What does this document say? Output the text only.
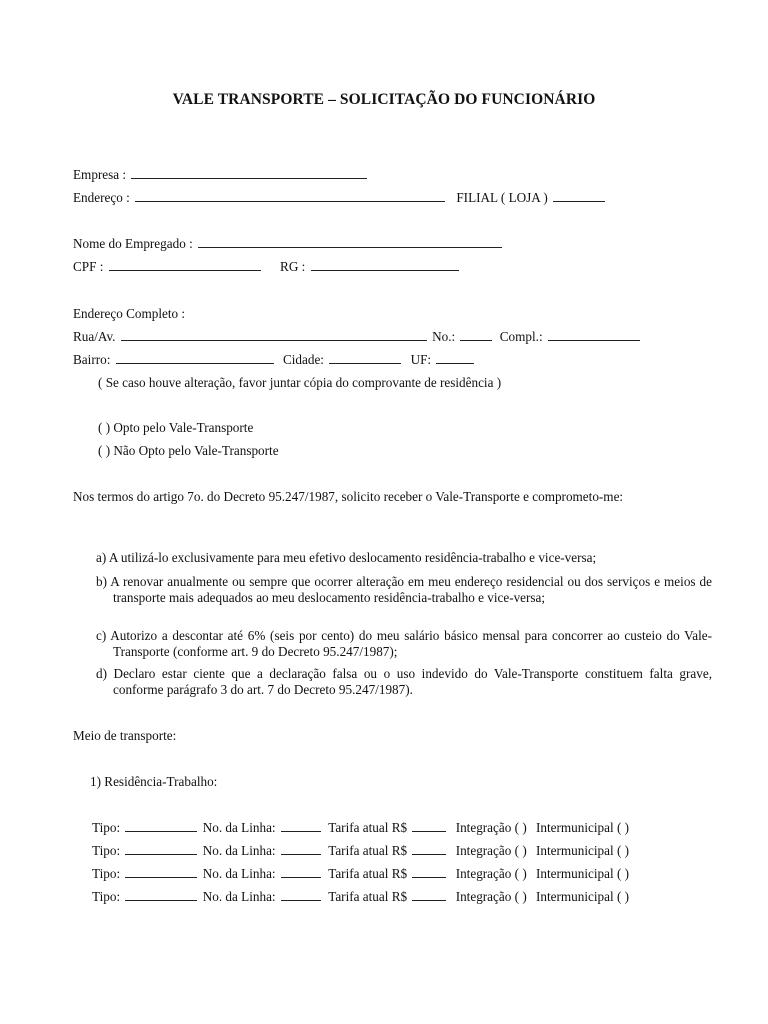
VALE TRANSPORTE – SOLICITAÇÃO DO FUNCIONÁRIO
Empresa :
Endereço :	FILIAL ( LOJA )
Nome do Empregado :
CPF :	RG :
Endereço Completo :
Rua/Av.	No.:	Compl.:
Bairro:	Cidade:	UF:
( Se caso houve alteração, favor juntar cópia do comprovante de residência )
( ) Opto pelo Vale-Transporte
( ) Não Opto pelo Vale-Transporte
Nos termos do artigo 7o. do Decreto 95.247/1987, solicito receber o Vale-Transporte e comprometo-me:
a) A utilizá-lo exclusivamente para meu efetivo deslocamento residência-trabalho e vice-versa;
b) A renovar anualmente ou sempre que ocorrer alteração em meu endereço residencial ou dos serviços e meios de transporte mais adequados ao meu deslocamento residência-trabalho e vice-versa;
c) Autorizo a descontar até 6% (seis por cento) do meu salário básico mensal para concorrer ao custeio do Vale-Transporte (conforme art. 9 do Decreto 95.247/1987);
d) Declaro estar ciente que a declaração falsa ou o uso indevido do Vale-Transporte constituem falta grave, conforme parágrafo 3 do art. 7 do Decreto 95.247/1987).
Meio de transporte:
1) Residência-Trabalho:
Tipo:	No. da Linha:	Tarifa atual R$	Integração ( ) Intermunicipal ( )
Tipo:	No. da Linha:	Tarifa atual R$	Integração ( ) Intermunicipal ( )
Tipo:	No. da Linha:	Tarifa atual R$	Integração ( ) Intermunicipal ( )
Tipo:	No. da Linha:	Tarifa atual R$	Integração ( ) Intermunicipal ( )
